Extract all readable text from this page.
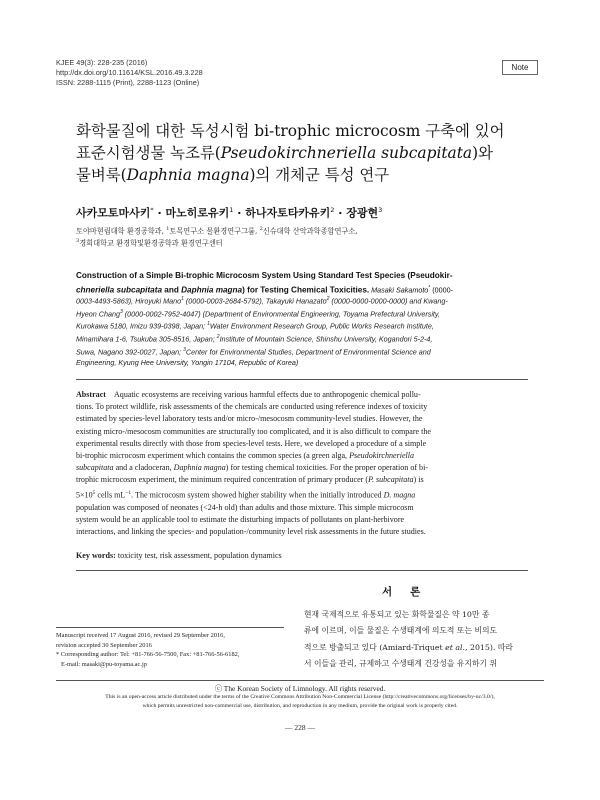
KJEE 49(3): 228-235 (2016)
http://dx.doi.org/10.11614/KSL.2016.49.3.228
ISSN: 2288-1115 (Print), 2288-1123 (Online)
Note
화학물질에 대한 독성시험 bi-trophic microcosm 구축에 있어
표준시험생물 녹조류(Pseudokirchneriella subcapitata)와
물벼룩(Daphnia magna)의 개체군 특성 연구
사카모토마사키* · 마노히로유키$^1$ · 하나자토타카유키$^2$ · 장광현$^3$
토야마현립대학 환경공학과, $^1$토목연구소 물환경연구그룹, $^2$신슈대학 산악과학종합연구소,
$^3$경희대학교 환경학및환경공학과 환경연구센터
Construction of a Simple Bi-trophic Microcosm System Using Standard Test Species (Pseudokir-
chneriella subcapitata and Daphnia magna) for Testing Chemical Toxicities. Masaki Sakamoto* (0000-
0003-4493-5863), Hiroyuki Mano$^1$ (0000-0003-2684-5792), Takayuki Hanazato$^2$ (0000-0000-0000-0000) and Kwang-
Hyeon Chang$^3$ (0000-0002-7952-4047) (Department of Environmental Engineering, Toyama Prefectural University,
Kurokawa 5180, Imizu 939-0398, Japan; $^1$Water Environment Research Group, Public Works Research Institute,
Minamihara 1-6, Tsukuba 305-8516, Japan; $^2$Institute of Mountain Science, Shinshu University, Kogandori 5-2-4,
Suwa, Nagano 392-0027, Japan; $^3$Center for Environmental Studies, Department of Environmental Science and
Engineering, Kyung Hee University, Yongin 17104, Republic of Korea)
Abstract Aquatic ecosystems are receiving various harmful effects due to anthropogenic chemical pollu-
tions. To protect wildlife, risk assessments of the chemicals are conducted using reference indexes of toxicity
estimated by species-level laboratory tests and/or micro-/mesocosm community-level studies. However, the
existing micro-/mesocosm communities are structurally too complicated, and it is also difficult to compare the
experimental results directly with those from species-level tests. Here, we developed a procedure of a simple
bi-trophic microcosm experiment which contains the common species (a green alga, Pseudokirchneriella
subcapitata and a cladoceran, Daphnia magna) for testing chemical toxicities. For the proper operation of bi-
trophic microcosm experiment, the minimum required concentration of primary producer (P. subcapitata) is
$5\times 10^5$ cells $mL^{-1}$. The microcosm system showed higher stability when the initially introduced D. magna
population was composed of neonates (<24-h old) than adults and those mixture. This simple microcosm
system would be an applicable tool to estimate the disturbing impacts of pollutants on plant-herbivore
interactions, and linking the species- and population-/community level risk assessments in the future studies.
Key words: toxicity test, risk assessment, population dynamics
서론
현재 국제적으로 유통되고 있는 화학물질은 약 10만 종
류에 이르며, 이들 물질은 수생태계에 의도적 또는 비의도
적으로 방출되고 있다 (Amiard-Triquet et al., 2015). 따라
서 이들을 관리, 규제하고 수생태계 건강성을 유지하기 위
Manuscript received 17 August 2016, revised 29 September 2016,
revision accepted 30 September 2016
* Corresponding author: Tel: +81-766-56-7500, Fax: +81-766-56-6182,
E-mail: masaki@pu-toyama.ac.jp
ⓒ The Korean Society of Limnology. All rights reserved.
This is an open-access article distributed under the terms of the Creative Commons Attribution Non-Commercial License (http://creativecommons.org/licenses/by-nc/3.0/),
which permits unrestricted non-commercial use, distribution, and reproduction in any medium, provide the original work is properly cited.
— 228 —
